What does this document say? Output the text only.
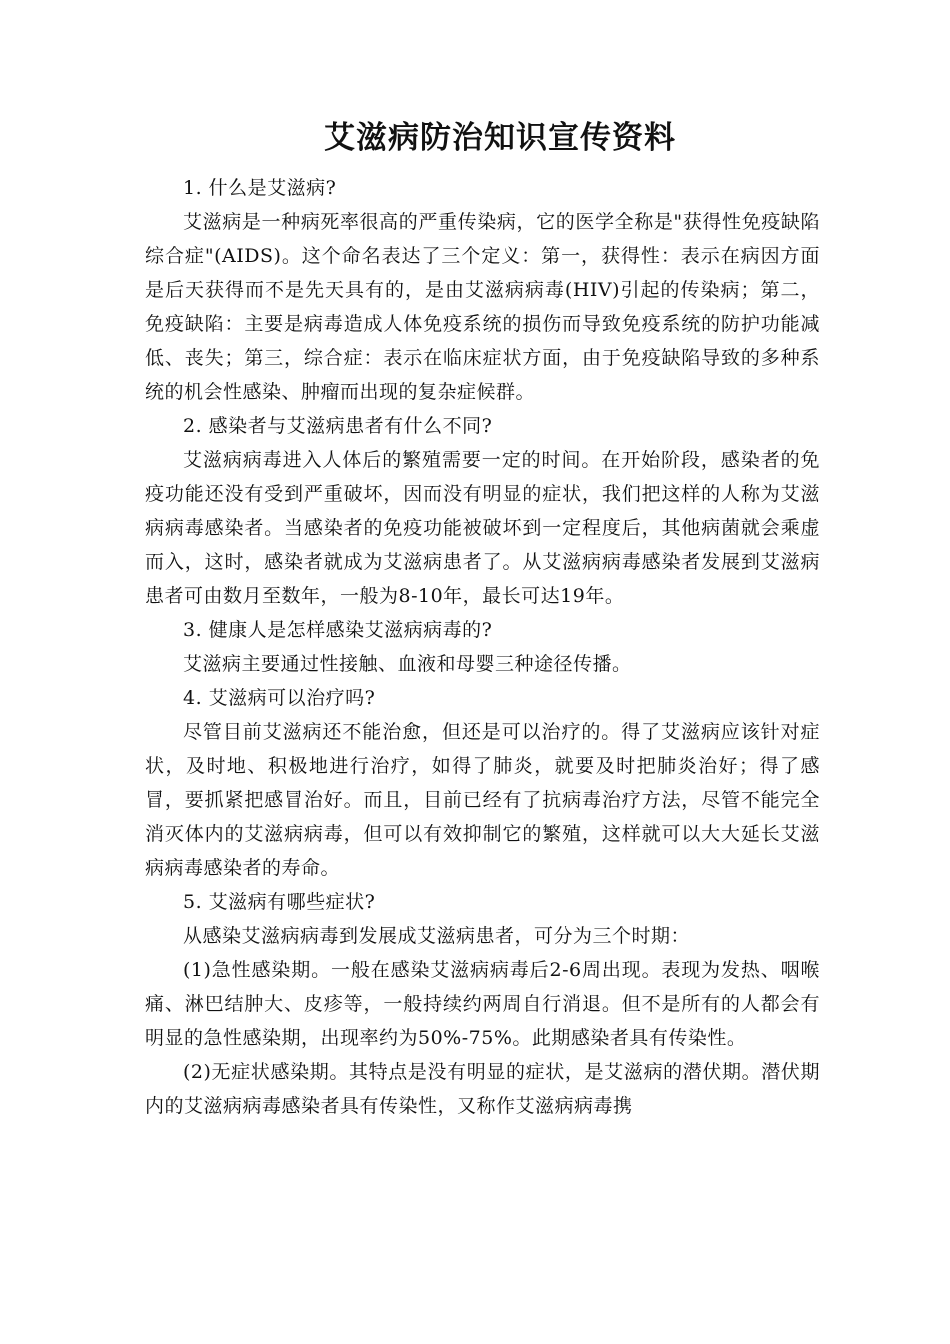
艾滋病防治知识宣传资料

1. 什么是艾滋病?

艾滋病是一种病死率很高的严重传染病，它的医学全称是"获得性免疫缺陷综合症"(AIDS)。这个命名表达了三个定义：第一，获得性：表示在病因方面是后天获得而不是先天具有的，是由艾滋病病毒(HIV)引起的传染病；第二，免疫缺陷：主要是病毒造成人体免疫系统的损伤而导致免疫系统的防护功能减低、丧失；第三，综合症：表示在临床症状方面，由于免疫缺陷导致的多种系统的机会性感染、肿瘤而出现的复杂症候群。

2. 感染者与艾滋病患者有什么不同?

艾滋病病毒进入人体后的繁殖需要一定的时间。在开始阶段，感染者的免疫功能还没有受到严重破坏，因而没有明显的症状，我们把这样的人称为艾滋病病毒感染者。当感染者的免疫功能被破坏到一定程度后，其他病菌就会乘虚而入，这时，感染者就成为艾滋病患者了。从艾滋病病毒感染者发展到艾滋病患者可由数月至数年，一般为8-10年，最长可达19年。

3. 健康人是怎样感染艾滋病病毒的?

艾滋病主要通过性接触、血液和母婴三种途径传播。

4. 艾滋病可以治疗吗?

尽管目前艾滋病还不能治愈，但还是可以治疗的。得了艾滋病应该针对症状，及时地、积极地进行治疗，如得了肺炎，就要及时把肺炎治好；得了感冒，要抓紧把感冒治好。而且，目前已经有了抗病毒治疗方法，尽管不能完全消灭体内的艾滋病病毒，但可以有效抑制它的繁殖，这样就可以大大延长艾滋病病毒感染者的寿命。

5. 艾滋病有哪些症状?

从感染艾滋病病毒到发展成艾滋病患者，可分为三个时期：

(1)急性感染期。一般在感染艾滋病病毒后2-6周出现。表现为发热、咽喉痛、淋巴结肿大、皮疹等，一般持续约两周自行消退。但不是所有的人都会有明显的急性感染期，出现率约为50%-75%。此期感染者具有传染性。

(2)无症状感染期。其特点是没有明显的症状，是艾滋病的潜伏期。潜伏期内的艾滋病病毒感染者具有传染性，又称作艾滋病病毒携
